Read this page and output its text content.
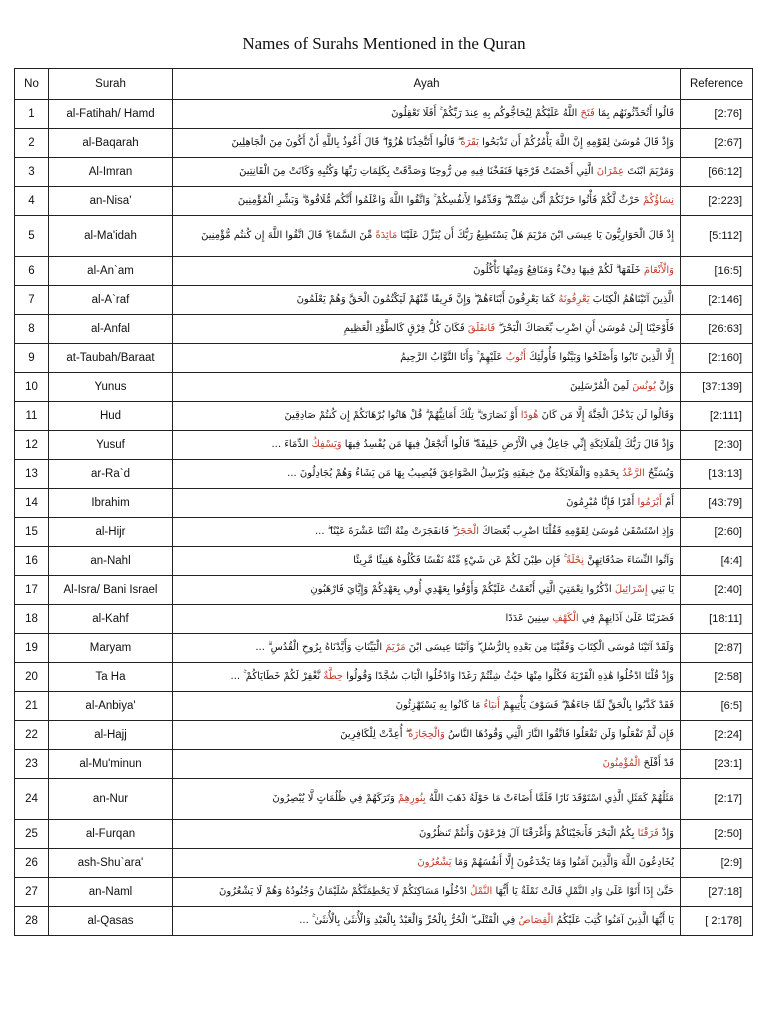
Names of Surahs Mentioned in the Quran
No	Surah	Ayah	Reference
1	al-Fatihah/ Hamd	قَالُوا أَتُحَدِّثُونَهُم بِمَا فَتَحَ اللَّهُ عَلَيْكُمْ لِيُحَاجُّوكُم بِهِ عِندَ رَبِّكُمْ ۚ أَفَلَا تَعْقِلُونَ	[2:76]
2	al-Baqarah	وَإِذْ قَالَ مُوسَىٰ لِقَوْمِهِ إِنَّ اللَّهَ يَأْمُرُكُمْ أَن تَذْبَحُوا بَقَرَةً ۖ قَالُوا أَتَتَّخِذُنَا هُزُوًا ۖ قَالَ أَعُوذُ بِاللَّهِ أَنْ أَكُونَ مِنَ الْجَاهِلِينَ	[2:67]
3	Al-Imran	وَمَرْيَمَ ابْنَتَ عِمْرَانَ الَّتِي أَحْصَنَتْ فَرْجَهَا فَنَفَخْنَا فِيهِ مِن رُّوحِنَا وَصَدَّقَتْ بِكَلِمَاتِ رَبِّهَا وَكُتُبِهِ وَكَانَتْ مِنَ الْقَانِتِينَ	[66:12]
4	an-Nisa'	نِسَاؤُكُمْ حَرْثٌ لَّكُمْ فَأْتُوا حَرْثَكُمْ أَنَّىٰ شِئْتُمْ ۖ وَقَدِّمُوا لِأَنفُسِكُمْ ۚ وَاتَّقُوا اللَّهَ وَاعْلَمُوا أَنَّكُم مُّلَاقُوهُ ۗ وَبَشِّرِ الْمُؤْمِنِينَ	[2:223]
5	al-Ma'idah	إِذْ قَالَ الْحَوَارِيُّونَ يَا عِيسَى ابْنَ مَرْيَمَ هَلْ يَسْتَطِيعُ رَبُّكَ أَن يُنَزِّلَ عَلَيْنَا مَائِدَةً مِّنَ السَّمَاءِ ۖ قَالَ اتَّقُوا اللَّهَ إِن كُنتُم مُّؤْمِنِينَ	[5:112]
6	al-An`am	وَالْأَنْعَامَ خَلَقَهَا ۗ لَكُمْ فِيهَا دِفْءٌ وَمَنَافِعُ وَمِنْهَا تَأْكُلُونَ	[16:5]
7	al-A`raf	الَّذِينَ آتَيْنَاهُمُ الْكِتَابَ يَعْرِفُونَهُ كَمَا يَعْرِفُونَ أَبْنَاءَهُمْ ۖ وَإِنَّ فَرِيقًا مِّنْهُمْ لَيَكْتُمُونَ الْحَقَّ وَهُمْ يَعْلَمُونَ	[2:146]
8	al-Anfal	فَأَوْحَيْنَا إِلَىٰ مُوسَىٰ أَنِ اضْرِب بِّعَصَاكَ الْبَحْرَ ۖ فَانفَلَقَ فَكَانَ كُلُّ فِرْقٍ كَالطَّوْدِ الْعَظِيمِ	[26:63]
9	at-Taubah/Baraat	إِلَّا الَّذِينَ تَابُوا وَأَصْلَحُوا وَبَيَّنُوا فَأُولَٰئِكَ أَتُوبُ عَلَيْهِمْ ۚ وَأَنَا التَّوَّابُ الرَّحِيمُ	[2:160]
10	Yunus	وَإِنَّ يُونُسَ لَمِنَ الْمُرْسَلِينَ	[37:139]
11	Hud	وَقَالُوا لَن يَدْخُلَ الْجَنَّةَ إِلَّا مَن كَانَ هُودًا أَوْ نَصَارَىٰ ۗ تِلْكَ أَمَانِيُّهُمْ ۗ قُلْ هَاتُوا بُرْهَانَكُمْ إِن كُنتُمْ صَادِقِينَ	[2:111]
12	Yusuf	وَإِذْ قَالَ رَبُّكَ لِلْمَلَائِكَةِ إِنِّي جَاعِلٌ فِي الْأَرْضِ خَلِيفَةً ۖ قَالُوا أَتَجْعَلُ فِيهَا مَن يُفْسِدُ فِيهَا وَيَسْفِكُ الدِّمَاءَ ...	[2:30]
13	ar-Ra`d	وَيُسَبِّحُ الرَّعْدُ بِحَمْدِهِ وَالْمَلَائِكَةُ مِنْ خِيفَتِهِ وَيُرْسِلُ الصَّوَاعِقَ فَيُصِيبُ بِهَا مَن يَشَاءُ وَهُمْ يُجَادِلُونَ ...	[13:13]
14	Ibrahim	أَمْ أَبْرَمُوا أَمْرًا فَإِنَّا مُبْرِمُونَ	[43:79]
15	al-Hijr	وَإِذِ اسْتَسْقَىٰ مُوسَىٰ لِقَوْمِهِ فَقُلْنَا اضْرِب بِّعَصَاكَ الْحَجَرَ ۖ فَانفَجَرَتْ مِنْهُ اثْنَتَا عَشْرَةَ عَيْنًا ۖ ...	[2:60]
16	an-Nahl	وَآتُوا النِّسَاءَ صَدُقَاتِهِنَّ نِحْلَةً ۚ فَإِن طِبْنَ لَكُمْ عَن شَيْءٍ مِّنْهُ نَفْسًا فَكُلُوهُ هَنِيئًا مَّرِيئًا	[4:4]
17	Al-Isra/ Bani Israel	يَا بَنِي إِسْرَائِيلَ اذْكُرُوا نِعْمَتِيَ الَّتِي أَنْعَمْتُ عَلَيْكُمْ وَأَوْفُوا بِعَهْدِي أُوفِ بِعَهْدِكُمْ وَإِيَّايَ فَارْهَبُونِ	[2:40]
18	al-Kahf	فَضَرَبْنَا عَلَىٰ آذَانِهِمْ فِي الْكَهْفِ سِنِينَ عَدَدًا	[18:11]
19	Maryam	وَلَقَدْ آتَيْنَا مُوسَى الْكِتَابَ وَقَفَّيْنَا مِن بَعْدِهِ بِالرُّسُلِ ۖ وَآتَيْنَا عِيسَى ابْنَ مَرْيَمَ الْبَيِّنَاتِ وَأَيَّدْنَاهُ بِرُوحِ الْقُدُسِ ۗ ...	[2:87]
20	Ta Ha	وَإِذْ قُلْنَا ادْخُلُوا هَٰذِهِ الْقَرْيَةَ فَكُلُوا مِنْهَا حَيْثُ شِئْتُمْ رَغَدًا وَادْخُلُوا الْبَابَ سُجَّدًا وَقُولُوا حِطَّةٌ نَّغْفِرْ لَكُمْ خَطَايَاكُمْ ۚ ...	[2:58]
21	al-Anbiya'	فَقَدْ كَذَّبُوا بِالْحَقِّ لَمَّا جَاءَهُمْ ۖ فَسَوْفَ يَأْتِيهِمْ أَنبَاءُ مَا كَانُوا بِهِ يَسْتَهْزِئُونَ	[6:5]
22	al-Hajj	فَإِن لَّمْ تَفْعَلُوا وَلَن تَفْعَلُوا فَاتَّقُوا النَّارَ الَّتِي وَقُودُهَا النَّاسُ وَالْحِجَارَةُ ۖ أُعِدَّتْ لِلْكَافِرِينَ	[2:24]
23	al-Mu'minun	قَدْ أَفْلَحَ الْمُؤْمِنُونَ	[23:1]
24	an-Nur	مَثَلُهُمْ كَمَثَلِ الَّذِي اسْتَوْقَدَ نَارًا فَلَمَّا أَضَاءَتْ مَا حَوْلَهُ ذَهَبَ اللَّهُ بِنُورِهِمْ وَتَرَكَهُمْ فِي ظُلُمَاتٍ لَّا يُبْصِرُونَ	[2:17]
25	al-Furqan	وَإِذْ فَرَقْنَا بِكُمُ الْبَحْرَ فَأَنجَيْنَاكُمْ وَأَغْرَقْنَا آلَ فِرْعَوْنَ وَأَنتُمْ تَنظُرُونَ	[2:50]
26	ash-Shu`ara'	يُخَادِعُونَ اللَّهَ وَالَّذِينَ آمَنُوا وَمَا يَخْدَعُونَ إِلَّا أَنفُسَهُمْ وَمَا يَشْعُرُونَ	[2:9]
27	an-Naml	حَتَّىٰ إِذَا أَتَوْا عَلَىٰ وَادِ النَّمْلِ قَالَتْ نَمْلَةٌ يَا أَيُّهَا النَّمْلُ ادْخُلُوا مَسَاكِنَكُمْ لَا يَحْطِمَنَّكُمْ سُلَيْمَانُ وَجُنُودُهُ وَهُمْ لَا يَشْعُرُونَ	[27:18]
28	al-Qasas	يَا أَيُّهَا الَّذِينَ آمَنُوا كُتِبَ عَلَيْكُمُ الْقِصَاصُ فِي الْقَتْلَى ۖ الْحُرُّ بِالْحُرِّ وَالْعَبْدُ بِالْعَبْدِ وَالْأُنثَىٰ بِالْأُنثَىٰ ۚ ...	[ 2:178]
